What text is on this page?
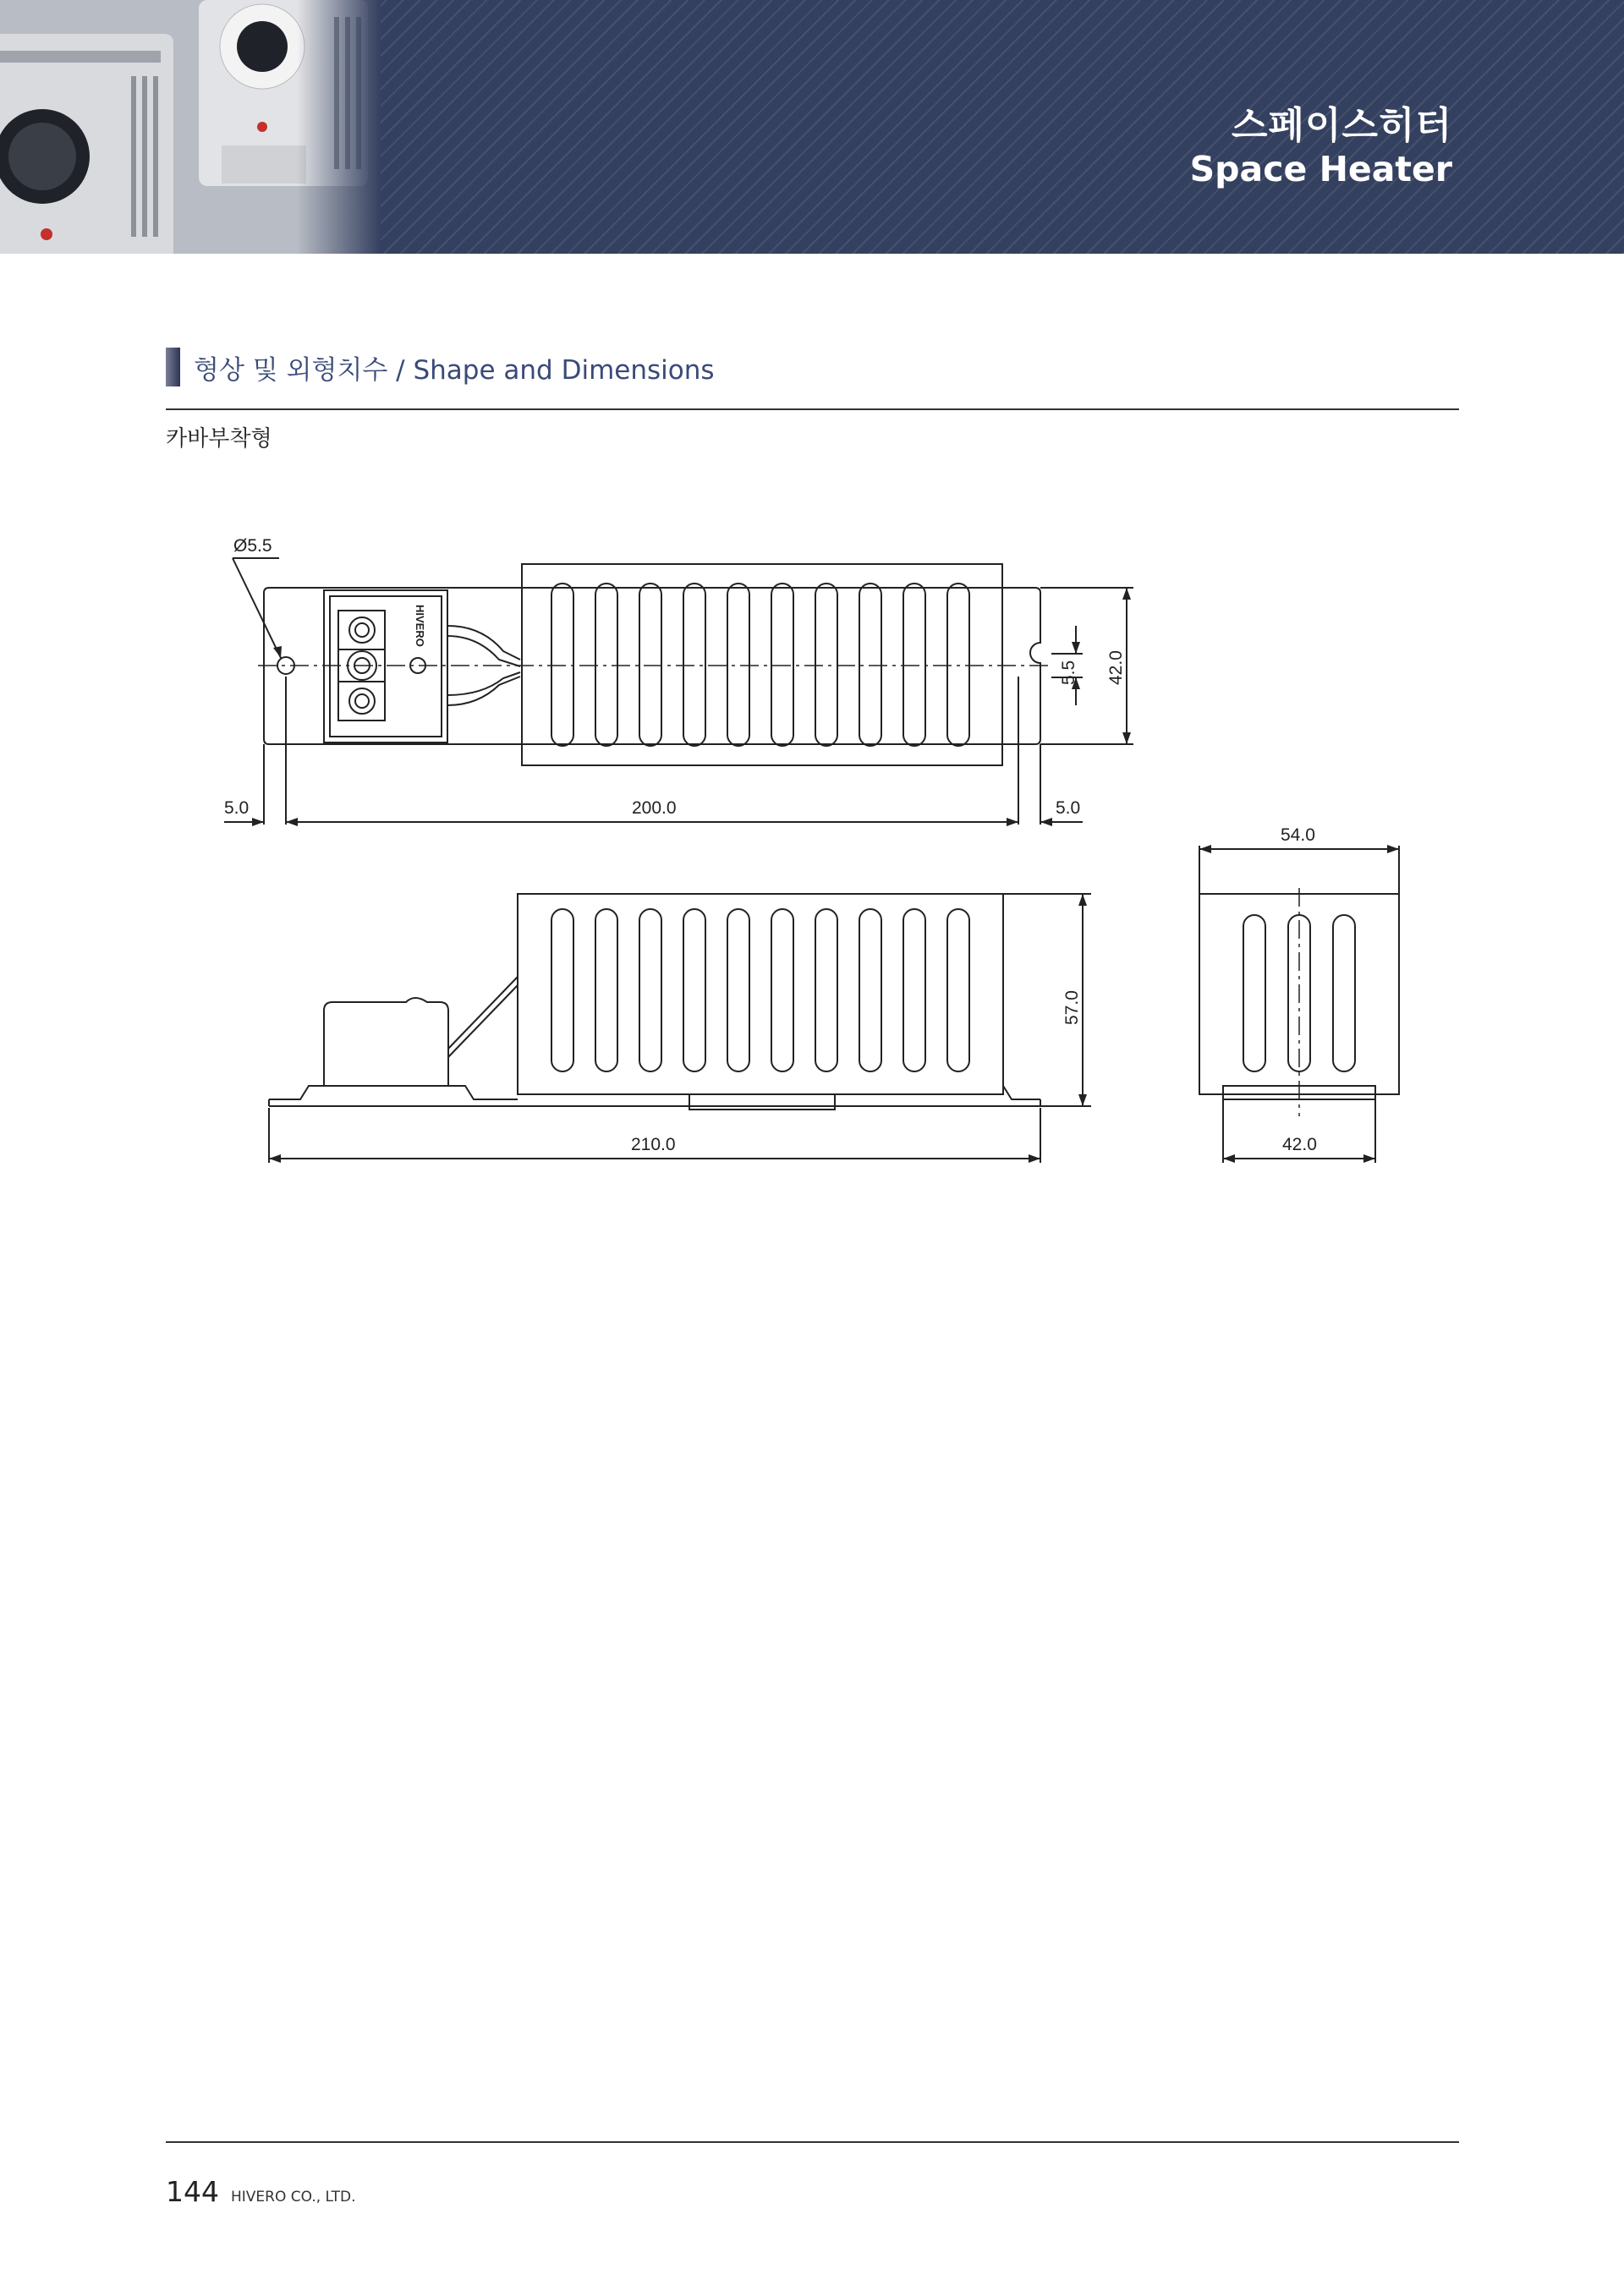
스페이스히터
Space Heater
형상 및 외형치수 / Shape and Dimensions
카바부착형
HIVERO
Ø5.5
5.0	200.0	5.0
5.5 42.0
57.0
210.0
54.0
42.0
144 HIVERO CO., LTD.
